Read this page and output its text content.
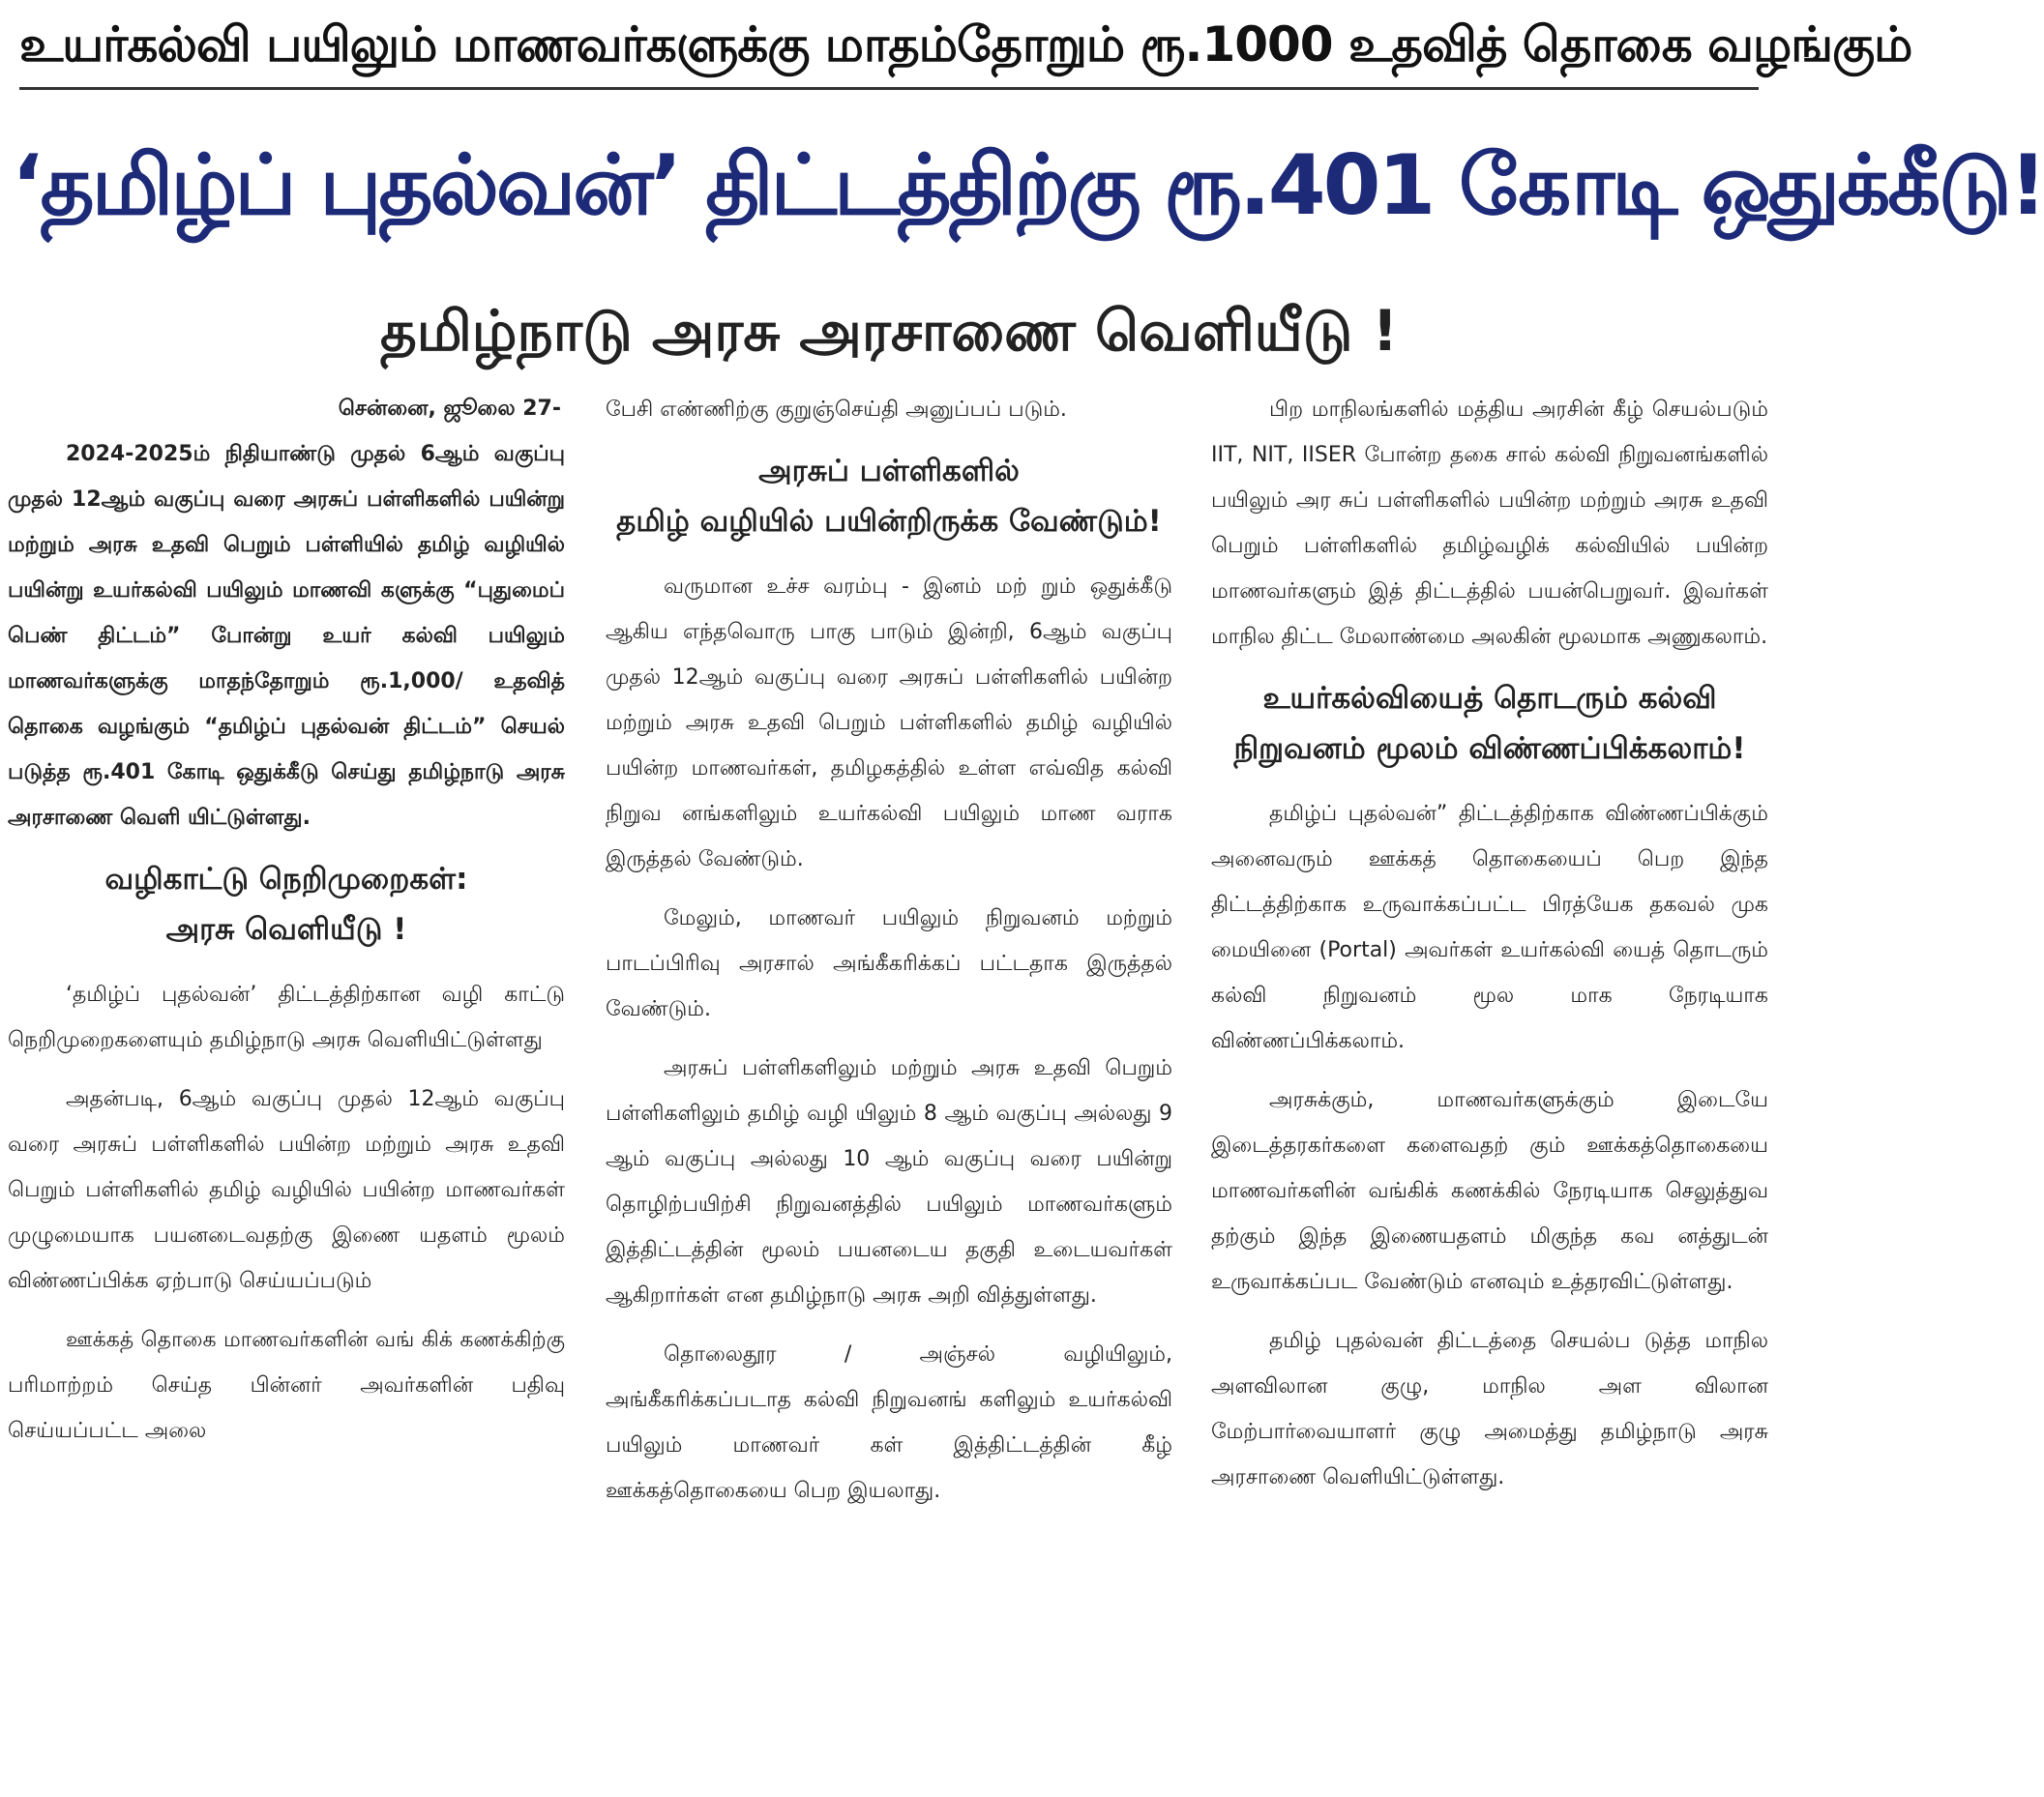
உயர்கல்வி பயிலும் மாணவர்களுக்கு மாதம்தோறும் ரூ.1000 உதவித் தொகை வழங்கும்
‘தமிழ்ப் புதல்வன்’ திட்டத்திற்கு ரூ.401 கோடி ஒதுக்கீடு!
தமிழ்நாடு அரசு அரசாணை வெளியீடு !
சென்னை, ஜூலை 27-

2024-2025ம் நிதியாண்டு முதல் 6ஆம் வகுப்பு முதல் 12ஆம் வகுப்பு வரை அரசுப் பள்ளிகளில் பயின்று மற்றும் அரசு உதவி பெறும் பள்ளியில் தமிழ் வழியில் பயின்று உயர்கல்வி பயிலும் மாணவி களுக்கு “புதுமைப் பெண் திட்டம்” போன்று உயர் கல்வி பயிலும் மாணவர்களுக்கு மாதந்தோறும் ரூ.1,000/ உதவித் தொகை வழங்கும் “தமிழ்ப் புதல்வன் திட்டம்” செயல் படுத்த ரூ.401 கோடி ஒதுக்கீடு செய்து தமிழ்நாடு அரசு அரசாணை வெளி யிட்டுள்ளது.

வழிகாட்டு நெறிமுறைகள்:
அரசு வெளியீடு !

‘தமிழ்ப் புதல்வன்’ திட்டத்திற்கான வழி காட்டு நெறிமுறைகளையும் தமிழ்நாடு அரசு வெளியிட்டுள்ளது

அதன்படி, 6ஆம் வகுப்பு முதல் 12ஆம் வகுப்பு வரை அரசுப் பள்ளிகளில் பயின்ற மற்றும் அரசு உதவி பெறும் பள்ளிகளில் தமிழ் வழியில் பயின்ற மாணவர்கள் முழுமையாக பயனடைவதற்கு இணை யதளம் மூலம் விண்ணப்பிக்க ஏற்பாடு செய்யப்படும்

ஊக்கத் தொகை மாணவர்களின் வங் கிக் கணக்கிற்கு பரிமாற்றம் செய்த பின்னர் அவர்களின் பதிவு செய்யப்பட்ட அலை

பேசி எண்ணிற்கு குறுஞ்செய்தி அனுப்பப் படும்.

அரசுப் பள்ளிகளில்
தமிழ் வழியில் பயின்றிருக்க வேண்டும்!

வருமான உச்ச வரம்பு - இனம் மற் றும் ஒதுக்கீடு ஆகிய எந்தவொரு பாகு பாடும் இன்றி, 6ஆம் வகுப்பு முதல் 12ஆம் வகுப்பு வரை அரசுப் பள்ளிகளில் பயின்ற மற்றும் அரசு உதவி பெறும் பள்ளிகளில் தமிழ் வழியில் பயின்ற மாணவர்கள், தமிழகத்தில் உள்ள எவ்வித கல்வி நிறுவ னங்களிலும் உயர்கல்வி பயிலும் மாண வராக இருத்தல் வேண்டும்.

மேலும், மாணவர் பயிலும் நிறுவனம் மற்றும் பாடப்பிரிவு அரசால் அங்கீகரிக்கப் பட்டதாக இருத்தல் வேண்டும்.

அரசுப் பள்ளிகளிலும் மற்றும் அரசு உதவி பெறும் பள்ளிகளிலும் தமிழ் வழி யிலும் 8 ஆம் வகுப்பு அல்லது 9 ஆம் வகுப்பு அல்லது 10 ஆம் வகுப்பு வரை பயின்று தொழிற்பயிற்சி நிறுவனத்தில் பயிலும் மாணவர்களும் இத்திட்டத்தின் மூலம் பயனடைய தகுதி உடையவர்கள் ஆகிறார்கள் என தமிழ்நாடு அரசு அறி வித்துள்ளது.

தொலைதூர / அஞ்சல் வழியிலும், அங்கீகரிக்கப்படாத கல்வி நிறுவனங் களிலும் உயர்கல்வி பயிலும் மாணவர் கள் இத்திட்டத்தின் கீழ் ஊக்கத்தொகையை பெற இயலாது.

பிற மாநிலங்களில் மத்திய அரசின் கீழ் செயல்படும் IIT, NIT, IISER போன்ற தகை சால் கல்வி நிறுவனங்களில் பயிலும் அர சுப் பள்ளிகளில் பயின்ற மற்றும் அரசு உதவி பெறும் பள்ளிகளில் தமிழ்வழிக் கல்வியில் பயின்ற மாணவர்களும் இத் திட்டத்தில் பயன்பெறுவர். இவர்கள் மாநில திட்ட மேலாண்மை அலகின் மூலமாக அணுகலாம்.

உயர்கல்வியைத் தொடரும் கல்வி
நிறுவனம் மூலம் விண்ணப்பிக்கலாம்!

தமிழ்ப் புதல்வன்” திட்டத்திற்காக விண்ணப்பிக்கும் அனைவரும் ஊக்கத் தொகையைப் பெற இந்த திட்டத்திற்காக உருவாக்கப்பட்ட பிரத்யேக தகவல் முக மையினை (Portal) அவர்கள் உயர்கல்வி யைத் தொடரும் கல்வி நிறுவனம் மூல மாக நேரடியாக விண்ணப்பிக்கலாம்.

அரசுக்கும், மாணவர்களுக்கும் இடையே இடைத்தரகர்களை களைவதற் கும் ஊக்கத்தொகையை மாணவர்களின் வங்கிக் கணக்கில் நேரடியாக செலுத்துவ தற்கும் இந்த இணையதளம் மிகுந்த கவ னத்துடன் உருவாக்கப்பட வேண்டும் எனவும் உத்தரவிட்டுள்ளது.

தமிழ் புதல்வன் திட்டத்தை செயல்ப டுத்த மாநில அளவிலான குழு, மாநில அள விலான மேற்பார்வையாளர் குழு அமைத்து தமிழ்நாடு அரசு அரசாணை வெளியிட்டுள்ளது.
